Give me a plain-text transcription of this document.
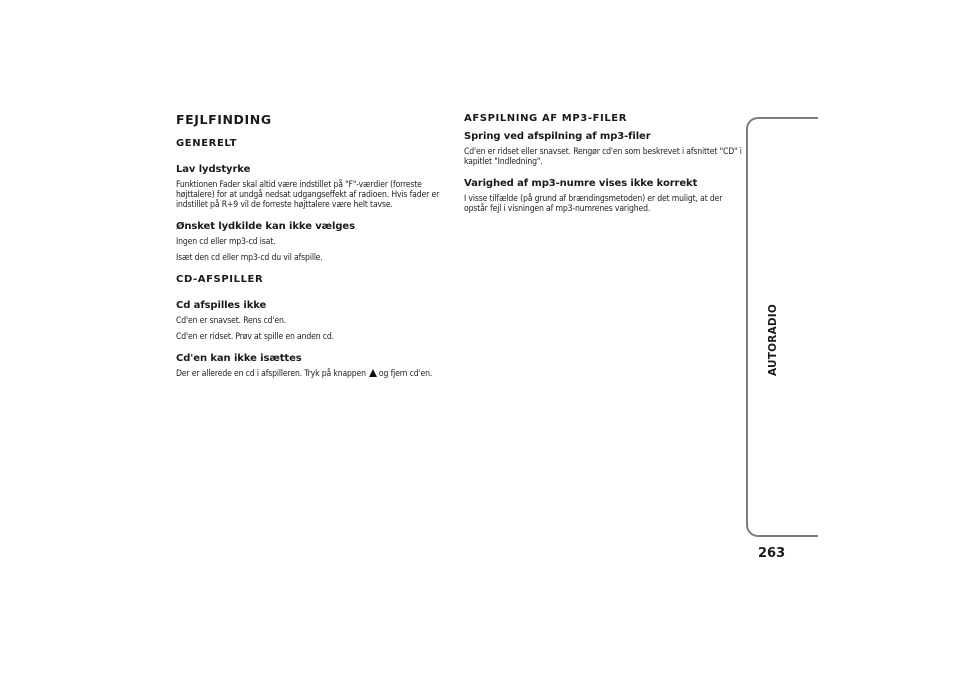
FEJLFINDING
GENERELT
Lav lydstyrke
Funktionen Fader skal altid være indstillet på "F"-værdier (forreste højttalere) for at undgå nedsat udgangseffekt af radioen. Hvis fader er indstillet på R+9 vil de forreste højttalere være helt tavse.
Ønsket lydkilde kan ikke vælges
Ingen cd eller mp3-cd isat.
Isæt den cd eller mp3-cd du vil afspille.
CD-AFSPILLER
Cd afspilles ikke
Cd'en er snavset. Rens cd'en.
Cd'en er ridset. Prøv at spille en anden cd.
Cd'en kan ikke isættes
Der er allerede en cd i afspilleren. Tryk på knappen og fjern cd'en.
AFSPILNING AF MP3-FILER
Spring ved afspilning af mp3-filer
Cd'en er ridset eller snavset. Rengør cd'en som beskrevet i afsnittet "CD" i kapitlet "Indledning".
Varighed af mp3-numre vises ikke korrekt
I visse tilfælde (på grund af brændingsmetoden) er det muligt, at der opstår fejl i visningen af mp3-numrenes varighed.
AUTORADIO
263
